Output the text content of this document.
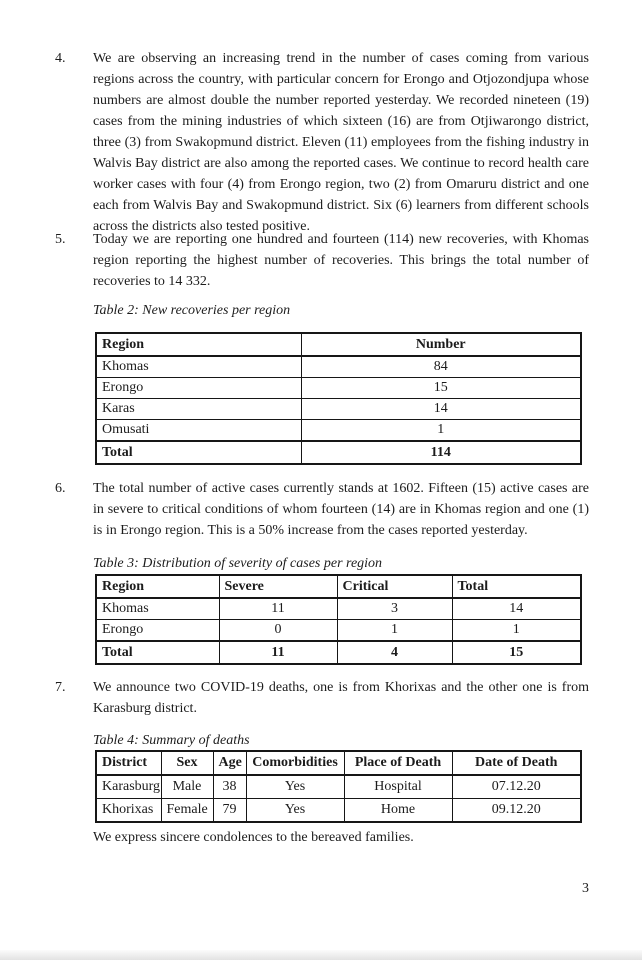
4.	We are observing an increasing trend in the number of cases coming from various regions across the country, with particular concern for Erongo and Otjozondjupa whose numbers are almost double the number reported yesterday. We recorded nineteen (19) cases from the mining industries of which sixteen (16) are from Otjiwarongo district, three (3) from Swakopmund district. Eleven (11) employees from the fishing industry in Walvis Bay district are also among the reported cases. We continue to record health care worker cases with four (4) from Erongo region, two (2) from Omaruru district and one each from Walvis Bay and Swakopmund district. Six (6) learners from different schools across the districts also tested positive.
5.	Today we are reporting one hundred and fourteen (114) new recoveries, with Khomas region reporting the highest number of recoveries. This brings the total number of recoveries to 14 332.
Table 2: New recoveries per region
Region	Number
Khomas	84
Erongo	15
Karas	14
Omusati	1
Total	114
6.	The total number of active cases currently stands at 1602. Fifteen (15) active cases are in severe to critical conditions of whom fourteen (14) are in Khomas region and one (1) is in Erongo region. This is a 50% increase from the cases reported yesterday.
Table 3: Distribution of severity of cases per region
Region	Severe	Critical	Total
Khomas	11	3	14
Erongo	0	1	1
Total	11	4	15
7.	We announce two COVID-19 deaths, one is from Khorixas and the other one is from Karasburg district.
Table 4: Summary of deaths
District	Sex	Age	Comorbidities	Place of Death	Date of Death
Karasburg	Male	38	Yes	Hospital	07.12.20
Khorixas	Female	79	Yes	Home	09.12.20
We express sincere condolences to the bereaved families.
3
